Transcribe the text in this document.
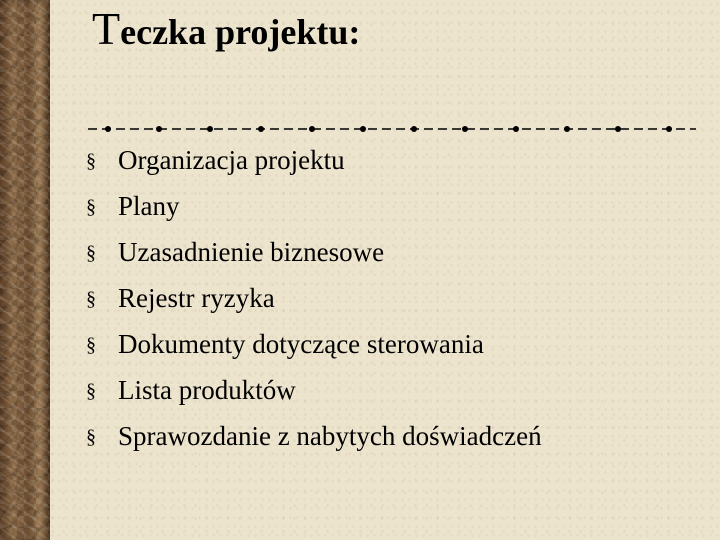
Teczka projektu:
§ Organizacja projektu
§ Plany
§ Uzasadnienie biznesowe
§ Rejestr ryzyka
§ Dokumenty dotyczące sterowania
§ Lista produktów
§ Sprawozdanie z nabytych doświadczeń
